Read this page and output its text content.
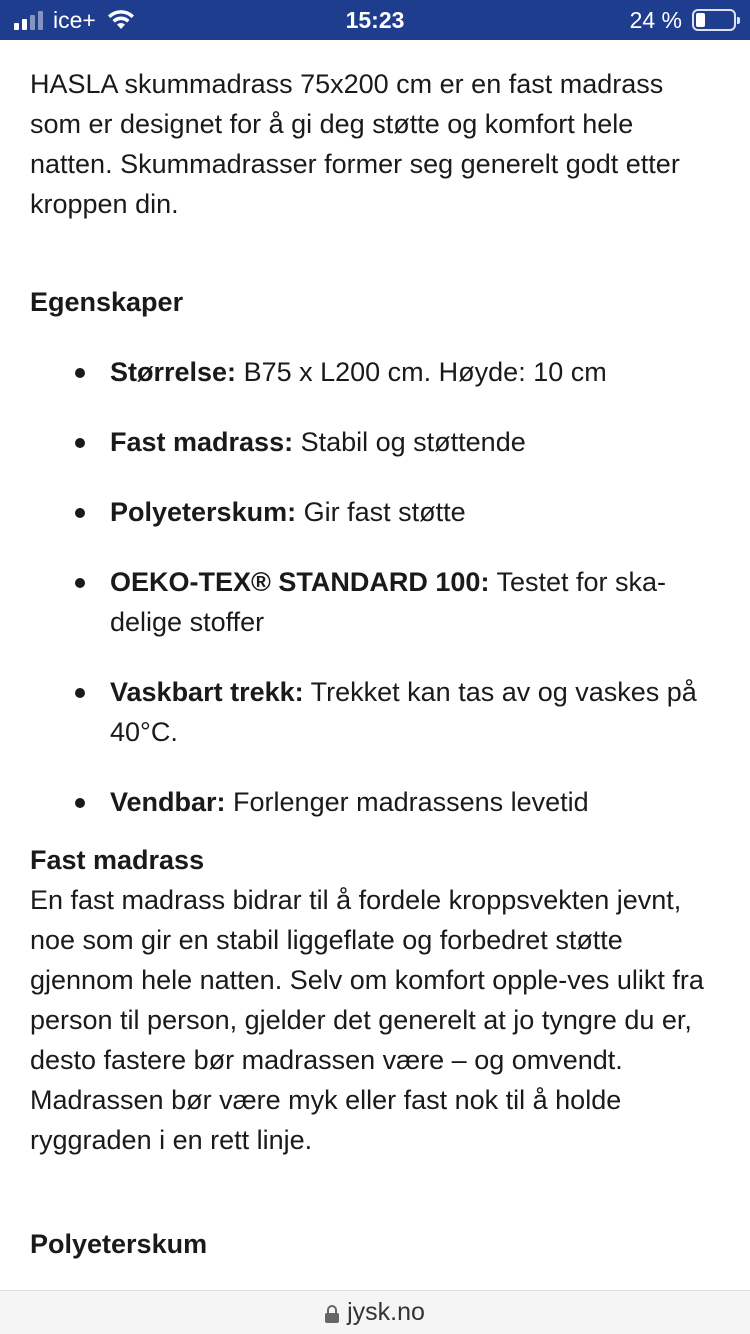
ice+	15:23	24 %

HASLA skummadrass 75x200 cm er en fast madrass som er designet for å gi deg støtte og komfort hele natten. Skummadrasser former seg generelt godt etter kroppen din.

Egenskaper

Størrelse: B75 x L200 cm. Høyde: 10 cm
Fast madrass: Stabil og støttende
Polyeterskum: Gir fast støtte
OEKO-TEX® STANDARD 100: Testet for ska-delige stoffer
Vaskbart trekk: Trekket kan tas av og vaskes på 40°C.
Vendbar: Forlenger madrassens levetid

Fast madrass

En fast madrass bidrar til å fordele kroppsvekten jevnt, noe som gir en stabil liggeflate og forbedret støtte gjennom hele natten. Selv om komfort opple-ves ulikt fra person til person, gjelder det generelt at jo tyngre du er, desto fastere bør madrassen være – og omvendt. Madrassen bør være myk eller fast nok til å holde ryggraden i en rett linje.

Polyeterskum

jysk.no
